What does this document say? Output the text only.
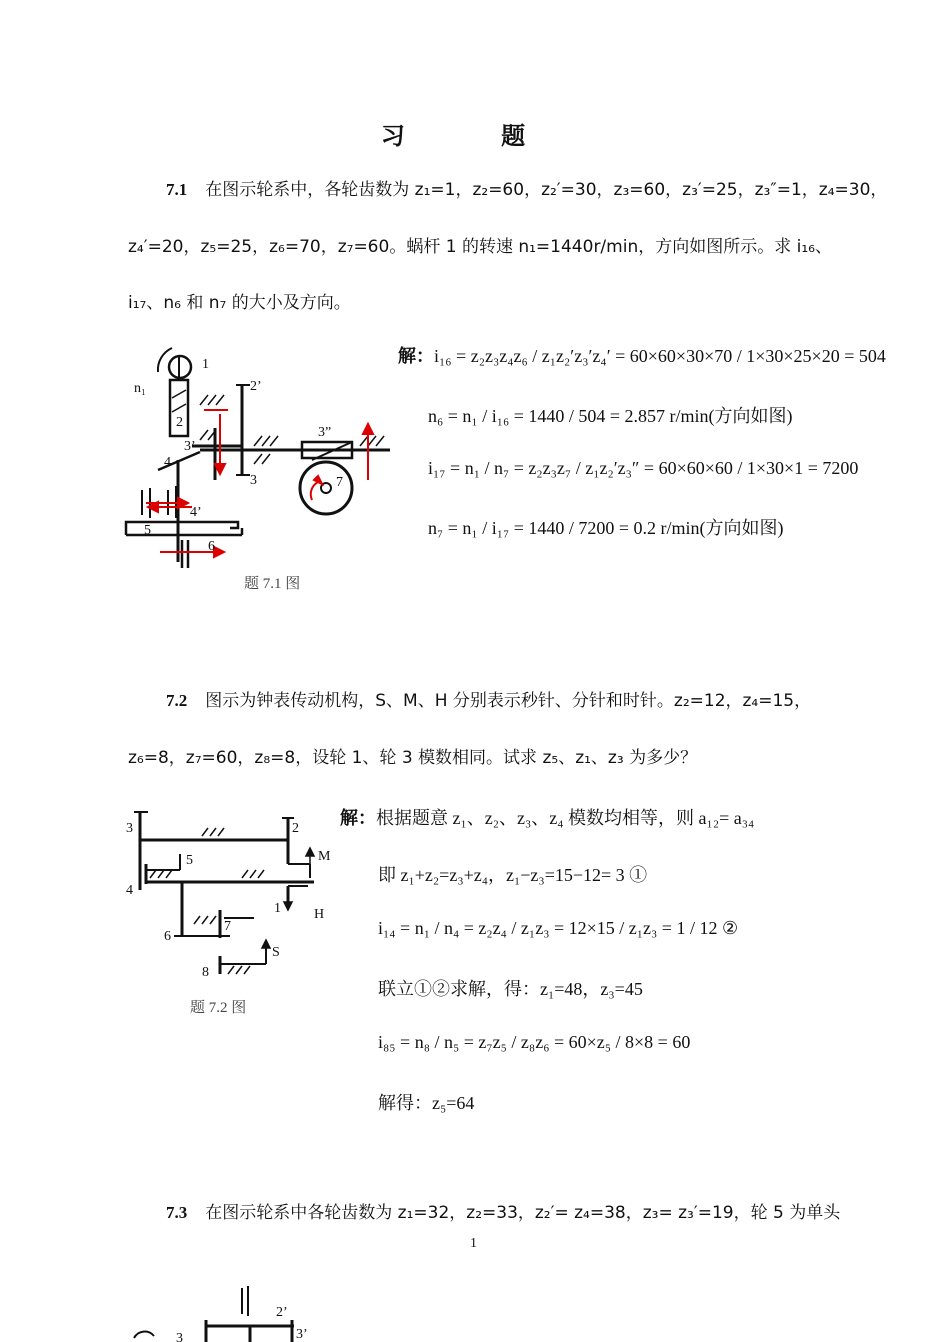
习 题
7.1 在图示轮系中，各轮齿数为 z₁=1，z₂=60，z₂′=30，z₃=60，z₃′=25，z₃″=1，z₄=30，
z₄′=20，z₅=25，z₆=70，z₇=60。蜗杆 1 的转速 n₁=1440r/min，方向如图所示。求 i₁₆、
i₁₇、n₆ 和 n₇ 的大小及方向。
n₁
1
2
2’
3’
3
3”
4
4’
5
6
7
题 7.1 图
解：i₁₆ = z₂z₃z₄z₆ / z₁z₂′z₃′z₄′ = 60×60×30×70 / 1×30×25×20 = 504
n₆ = n₁ / i₁₆ = 1440 / 504 = 2.857 r/min(方向如图)
i₁₇ = n₁ / n₇ = z₂z₃z₇ / z₁z₂′z₃″ = 60×60×60 / 1×30×1 = 7200
n₇ = n₁ / i₁₇ = 1440 / 7200 = 0.2 r/min(方向如图)
7.2 图示为钟表传动机构，S、M、H 分别表示秒针、分针和时针。z₂=12，z₄=15，
z₆=8，z₇=60，z₈=8，设轮 1、轮 3 模数相同。试求 z₅、z₁、z₃ 为多少？
3	2
5	M
4
1 H
6
7
S
8
题 7.2 图
解：根据题意 z₁、z₂、z₃、z₄ 模数均相等，则 a₁₂= a₃₄
即 z₁+z₂=z₃+z₄，z₁−z₃=15−12= 3 ①
i₁₄ = n₁ / n₄ = z₂z₄ / z₁z₃ = 12×15 / z₁z₃ = 1 / 12 ②
联立①②求解，得：z₁=48，z₃=45
i₈₅ = n₈ / n₅ = z₇z₅ / z₈z₆ = 60×z₅ / 8×8 = 60
解得：z₅=64
7.3 在图示轮系中各轮齿数为 z₁=32，z₂=33，z₂′= z₄=38，z₃= z₃′=19，轮 5 为单头
1
2’
3	3’
